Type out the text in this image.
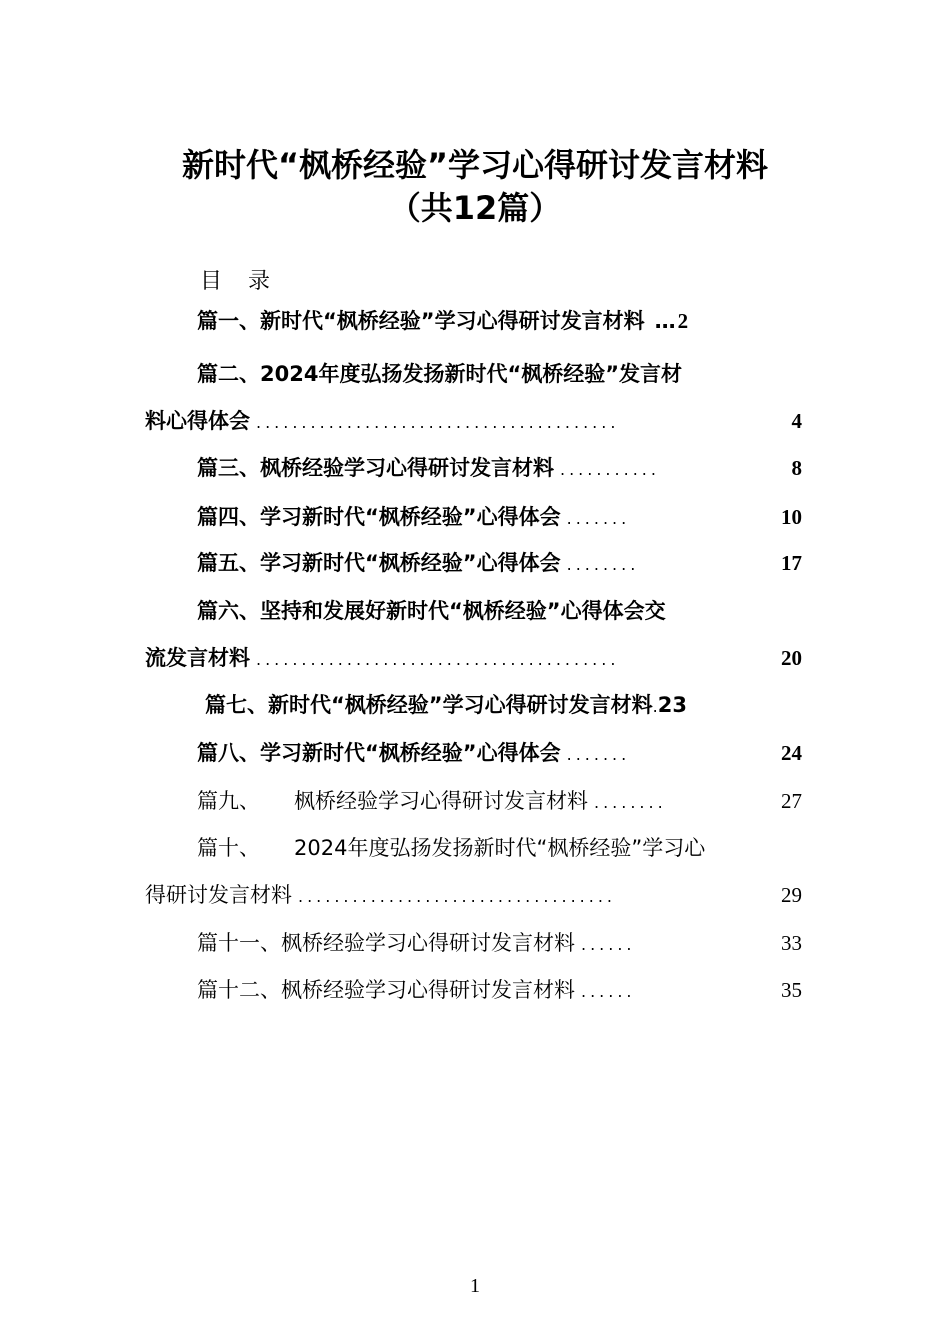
新时代“枫桥经验”学习心得研讨发言材料
（共12篇）
目录
篇一、新时代“枫桥经验”学习心得研讨发言材料 … 2
篇二、2024年度弘扬发扬新时代“枫桥经验”发言材
料心得体会 ........................................	4
篇三、枫桥经验学习心得研讨发言材料 ...........	8
篇四、学习新时代“枫桥经验”心得体会 .......	10
篇五、学习新时代“枫桥经验”心得体会 ........	17
篇六、坚持和发展好新时代“枫桥经验”心得体会交
流发言材料 ........................................	20
篇七、新时代“枫桥经验”学习心得研讨发言材料 . 23
篇八、学习新时代“枫桥经验”心得体会 .......	24
篇九、 枫桥经验学习心得研讨发言材料 ........	27
篇十、 2024年度弘扬发扬新时代“枫桥经验”学习心
得研讨发言材料 ...................................	29
篇十一、枫桥经验学习心得研讨发言材料 ......	33
篇十二、枫桥经验学习心得研讨发言材料 ......	35
1
